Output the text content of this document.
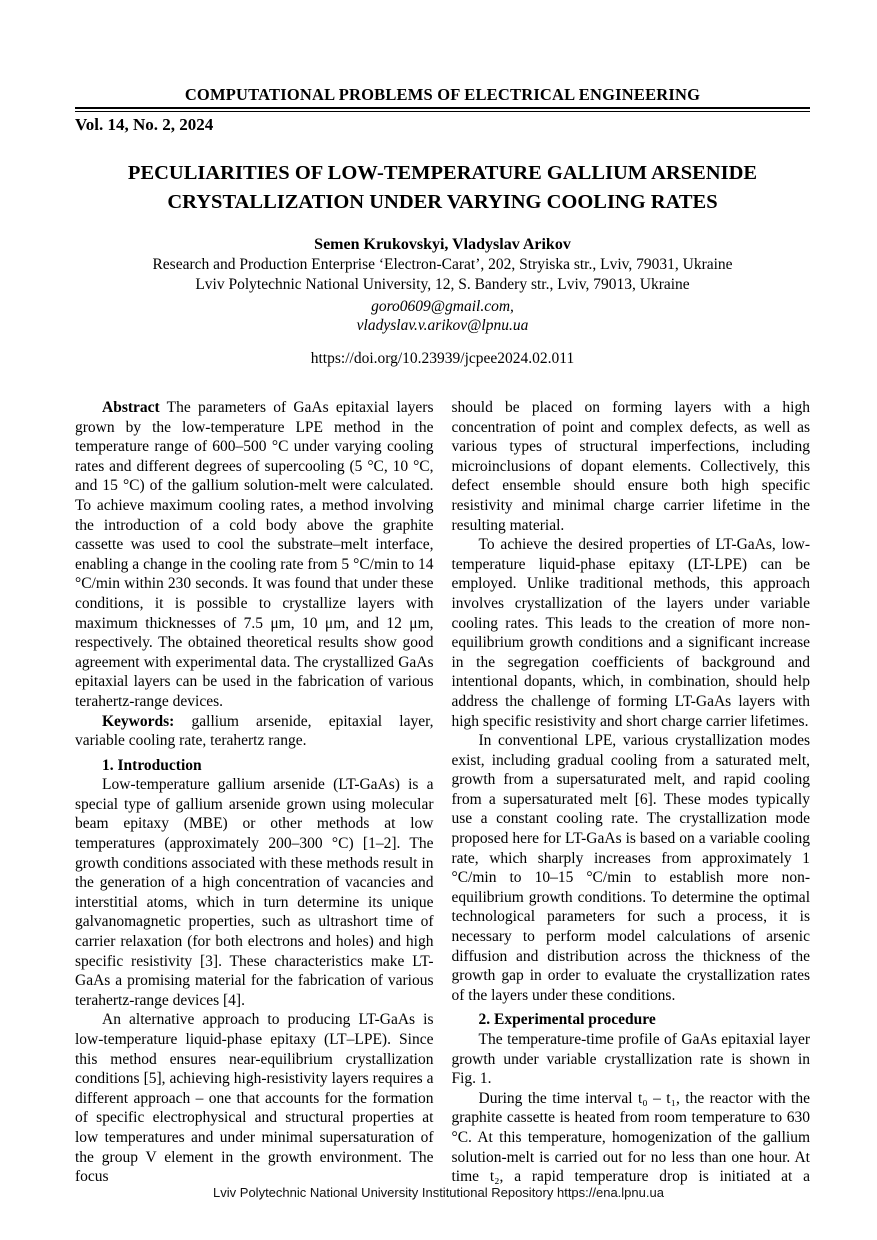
COMPUTATIONAL PROBLEMS OF ELECTRICAL ENGINEERING
Vol. 14, No. 2, 2024
PECULIARITIES OF LOW-TEMPERATURE GALLIUM ARSENIDE
CRYSTALLIZATION UNDER VARYING COOLING RATES
Semen Krukovskyi, Vladyslav Arikov
Research and Production Enterprise ‘Electron-Carat’, 202, Stryiska str., Lviv, 79031, Ukraine
Lviv Polytechnic National University, 12, S. Bandery str., Lviv, 79013, Ukraine
goro0609@gmail.com,
vladyslav.v.arikov@lpnu.ua
https://doi.org/10.23939/jcpee2024.02.011

Abstract The parameters of GaAs epitaxial layers grown by the low-temperature LPE method in the temperature range of 600–500 °C under varying cooling rates and different degrees of supercooling (5 °C, 10 °C, and 15 °C) of the gallium solution-melt were calculated. To achieve maximum cooling rates, a method involving the introduction of a cold body above the graphite cassette was used to cool the substrate–melt interface, enabling a change in the cooling rate from 5 °C/min to 14 °C/min within 230 seconds. It was found that under these conditions, it is possible to crystallize layers with maximum thicknesses of 7.5 μm, 10 μm, and 12 μm, respectively. The obtained theoretical results show good agreement with experimental data. The crystallized GaAs epitaxial layers can be used in the fabrication of various terahertz-range devices.

Keywords: gallium arsenide, epitaxial layer, variable cooling rate, terahertz range.

1. Introduction

Low-temperature gallium arsenide (LT-GaAs) is a special type of gallium arsenide grown using molecular beam epitaxy (MBE) or other methods at low temperatures (approximately 200–300 °C) [1–2]. The growth conditions associated with these methods result in the generation of a high concentration of vacancies and interstitial atoms, which in turn determine its unique galvanomagnetic properties, such as ultrashort time of carrier relaxation (for both electrons and holes) and high specific resistivity [3]. These characteristics make LT-GaAs a promising material for the fabrication of various terahertz-range devices [4].

An alternative approach to producing LT-GaAs is low-temperature liquid-phase epitaxy (LT–LPE). Since this method ensures near-equilibrium crystallization conditions [5], achieving high-resistivity layers requires a different approach – one that accounts for the formation of specific electrophysical and structural properties at low temperatures and under minimal supersaturation of the group V element in the growth environment. The focus

should be placed on forming layers with a high concentration of point and complex defects, as well as various types of structural imperfections, including microinclusions of dopant elements. Collectively, this defect ensemble should ensure both high specific resistivity and minimal charge carrier lifetime in the resulting material.

To achieve the desired properties of LT-GaAs, low-temperature liquid-phase epitaxy (LT-LPE) can be employed. Unlike traditional methods, this approach involves crystallization of the layers under variable cooling rates. This leads to the creation of more non-equilibrium growth conditions and a significant increase in the segregation coefficients of background and intentional dopants, which, in combination, should help address the challenge of forming LT-GaAs layers with high specific resistivity and short charge carrier lifetimes.

In conventional LPE, various crystallization modes exist, including gradual cooling from a saturated melt, growth from a supersaturated melt, and rapid cooling from a supersaturated melt [6]. These modes typically use a constant cooling rate. The crystallization mode proposed here for LT-GaAs is based on a variable cooling rate, which sharply increases from approximately 1 °C/min to 10–15 °C/min to establish more non-equilibrium growth conditions. To determine the optimal technological parameters for such a process, it is necessary to perform model calculations of arsenic diffusion and distribution across the thickness of the growth gap in order to evaluate the crystallization rates of the layers under these conditions.

2. Experimental procedure

The temperature-time profile of GaAs epitaxial layer growth under variable crystallization rate is shown in Fig. 1.

During the time interval t₀ – t₁, the reactor with the graphite cassette is heated from room temperature to 630 °C. At this temperature, homogenization of the gallium solution-melt is carried out for no less than one hour. At time t₂, a rapid temperature drop is initiated at a

Lviv Polytechnic National University Institutional Repository https://ena.lpnu.ua
